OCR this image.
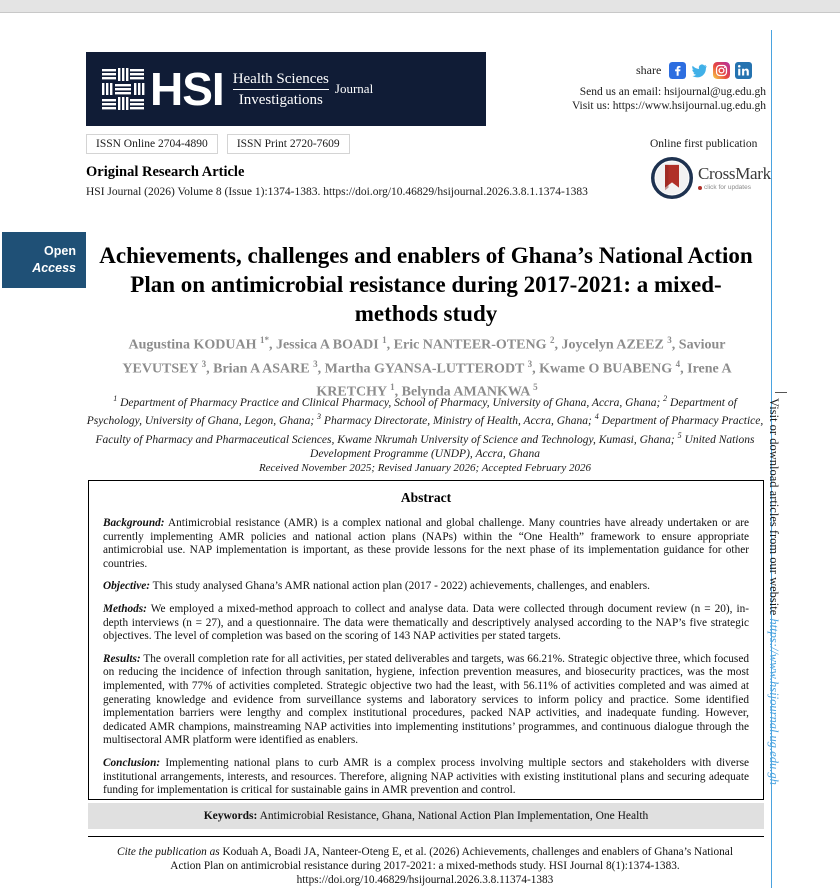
HSI Health Sciences
Investigations
Journal
share
Send us an email: hsijournal@ug.edu.gh
Visit us: https://www.hsijournal.ug.edu.gh
ISSN Online 2704-4890	ISSN Print 2720-7609	Online first publication
Original Research Article
HSI Journal (2026) Volume 8 (Issue 1):1374-1383. https://doi.org/10.46829/hsijournal.2026.3.8.1.1374-1383
CrossMark
click for updates
Open
Access Achievements, challenges and enablers of Ghana’s National Action Plan on antimicrobial resistance during 2017-2021: a mixed-methods study
Augustina KODUAH $^{1*}$, Jessica A BOADI $^1$, Eric NANTEER-OTENG $^2$, Joycelyn AZEEZ $^3$, Saviour YEVUTSEY $^3$, Brian A ASARE $^3$, Martha GYANSA-LUTTERODT $^3$, Kwame O BUABENG $^4$, Irene A KRETCHY $^1$, Belynda AMANKWA $^5$
$^1$ Department of Pharmacy Practice and Clinical Pharmacy, School of Pharmacy, University of Ghana, Accra, Ghana; $^2$ Department of Psychology, University of Ghana, Legon, Ghana; $^3$ Pharmacy Directorate, Ministry of Health, Accra, Ghana; $^4$ Department of Pharmacy Practice, Faculty of Pharmacy and Pharmaceutical Sciences, Kwame Nkrumah University of Science and Technology, Kumasi, Ghana; $^5$ United Nations Development Programme (UNDP), Accra, Ghana
Received November 2025; Revised January 2026; Accepted February 2026
Abstract

Background: Antimicrobial resistance (AMR) is a complex national and global challenge. Many countries have already undertaken or are currently implementing AMR policies and national action plans (NAPs) within the “One Health” framework to ensure appropriate antimicrobial use. NAP implementation is important, as these provide lessons for the next phase of its implementation guidance for other countries.

Objective: This study analysed Ghana’s AMR national action plan (2017 - 2022) achievements, challenges, and enablers.

Methods: We employed a mixed-method approach to collect and analyse data. Data were collected through document review (n = 20), in-depth interviews (n = 27), and a questionnaire. The data were thematically and descriptively analysed according to the NAP’s five strategic objectives. The level of completion was based on the scoring of 143 NAP activities per stated targets.

Results: The overall completion rate for all activities, per stated deliverables and targets, was 66.21%. Strategic objective three, which focused on reducing the incidence of infection through sanitation, hygiene, infection prevention measures, and biosecurity practices, was the most implemented, with 77% of activities completed. Strategic objective two had the least, with 56.11% of activities completed and was aimed at generating knowledge and evidence from surveillance systems and laboratory services to inform policy and practice. Some identified implementation barriers were lengthy and complex institutional procedures, packed NAP activities, and inadequate funding. However, dedicated AMR champions, mainstreaming NAP activities into implementing institutions’ programmes, and continuous dialogue through the multisectoral AMR platform were identified as enablers.

Conclusion: Implementing national plans to curb AMR is a complex process involving multiple sectors and stakeholders with diverse institutional arrangements, interests, and resources. Therefore, aligning NAP activities with existing institutional plans and securing adequate funding for implementation is critical for sustainable gains in AMR prevention and control.

Keywords: Antimicrobial Resistance, Ghana, National Action Plan Implementation, One Health
Cite the publication as Koduah A, Boadi JA, Nanteer-Oteng E, et al. (2026) Achievements, challenges and enablers of Ghana’s National Action Plan on antimicrobial resistance during 2017-2021: a mixed-methods study. HSI Journal 8(1):1374-1383. https://doi.org/10.46829/hsijournal.2026.3.8.11374-1383
Visit or download articles from our website https://www.hsijournal.ug.edu.gh
